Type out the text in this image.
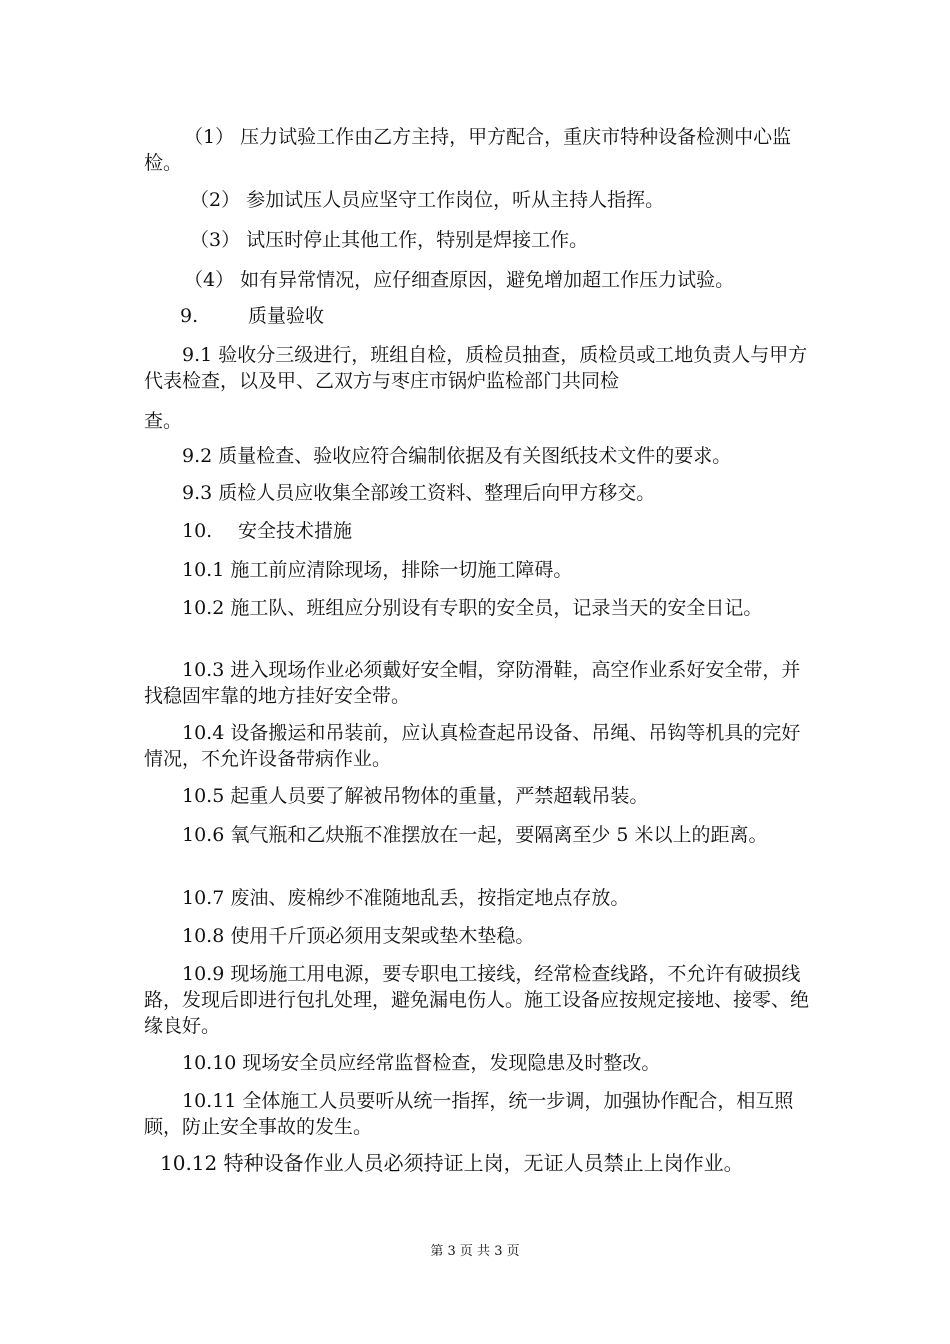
（1） 压力试验工作由乙方主持，甲方配合，重庆市特种设备检测中心监检。

（2） 参加试压人员应坚守工作岗位，听从主持人指挥。

（3） 试压时停止其他工作，特别是焊接工作。

（4） 如有异常情况，应仔细查原因，避免增加超工作压力试验。

9.	质量验收

9.1 验收分三级进行，班组自检，质检员抽查，质检员或工地负责人与甲方代表检查，以及甲、乙双方与枣庄市锅炉监检部门共同检
查。

9.2 质量检查、验收应符合编制依据及有关图纸技术文件的要求。

9.3 质检人员应收集全部竣工资料、整理后向甲方移交。

10. 安全技术措施

10.1 施工前应清除现场，排除一切施工障碍。

10.2 施工队、班组应分别设有专职的安全员，记录当天的安全日记。

10.3 进入现场作业必须戴好安全帽，穿防滑鞋，高空作业系好安全带，并找稳固牢靠的地方挂好安全带。

10.4 设备搬运和吊装前，应认真检查起吊设备、吊绳、吊钩等机具的完好情况，不允许设备带病作业。

10.5 起重人员要了解被吊物体的重量，严禁超载吊装。

10.6 氧气瓶和乙炔瓶不准摆放在一起，要隔离至少 5 米以上的距离。

10.7 废油、废棉纱不准随地乱丢，按指定地点存放。

10.8 使用千斤顶必须用支架或垫木垫稳。

10.9 现场施工用电源，要专职电工接线，经常检查线路，不允许有破损线路，发现后即进行包扎处理，避免漏电伤人。施工设备应按规定接地、接零、绝缘良好。

10.10 现场安全员应经常监督检查，发现隐患及时整改。

10.11 全体施工人员要听从统一指挥，统一步调，加强协作配合，相互照顾，防止安全事故的发生。

10.12 特种设备作业人员必须持证上岗，无证人员禁止上岗作业。

第 3 页 共 3 页
